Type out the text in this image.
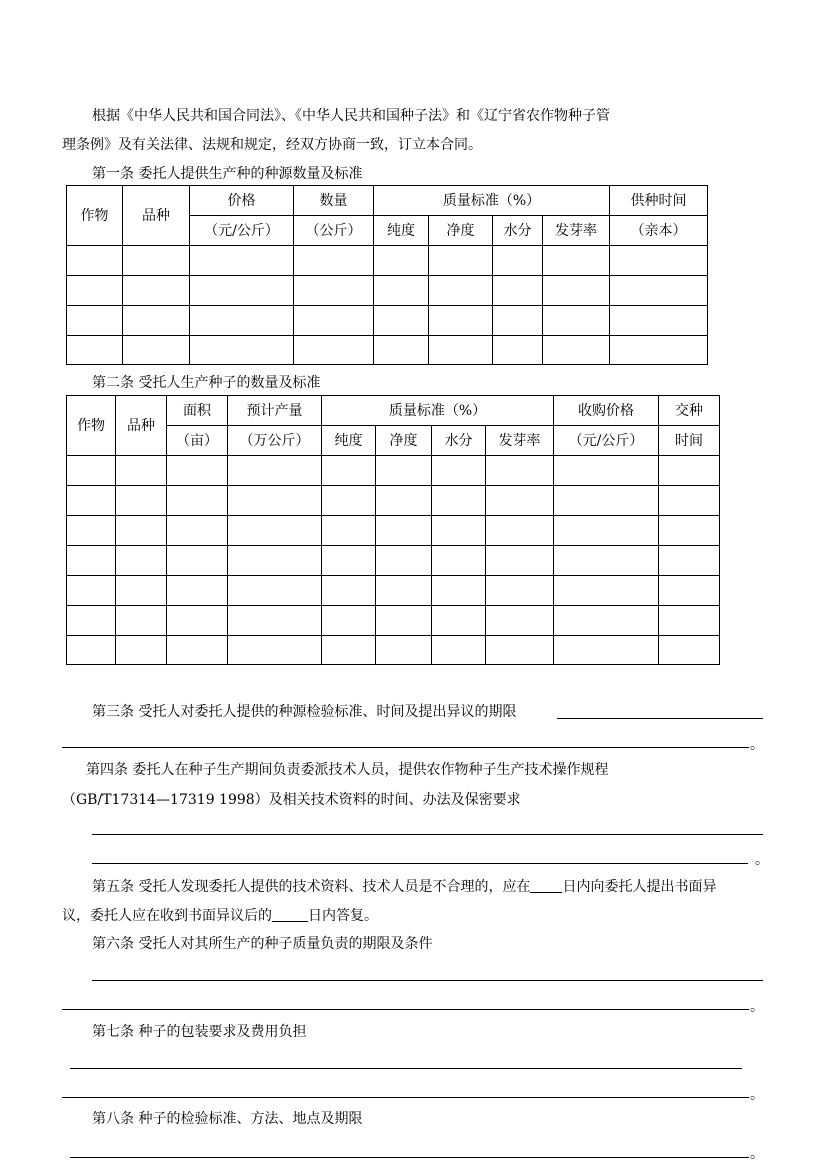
根据《中华人民共和国合同法》、《中华人民共和国种子法》和《辽宁省农作物种子管
理条例》及有关法律、法规和规定，经双方协商一致，订立本合同。
第一条 委托人提供生产种的种源数量及标准
作物	品种	价格	数量	质量标准（%）				供种时间
		（元/公斤）	（公斤）	纯度	净度	水分	发芽率	（亲本）

第二条 受托人生产种子的数量及标准
作物	品种	面积	预计产量	质量标准（%）				收购价格	交种
		（亩）	（万公斤）	纯度	净度	水分	发芽率	（元/公斤）	时间

第三条 受托人对委托人提供的种源检验标准、时间及提出异议的期限
。
第四条 委托人在种子生产期间负责委派技术人员，提供农作物种子生产技术操作规程
（GB/T17314—17319 1998）及相关技术资料的时间、办法及保密要求
。
第五条 受托人发现委托人提供的技术资料、技术人员是不合理的，应在 日内向委托人提出书面异
议，委托人应在收到书面异议后的	日内答复。
第六条 受托人对其所生产的种子质量负责的期限及条件
。
第七条 种子的包装要求及费用负担
。
第八条 种子的检验标准、方法、地点及期限
。
